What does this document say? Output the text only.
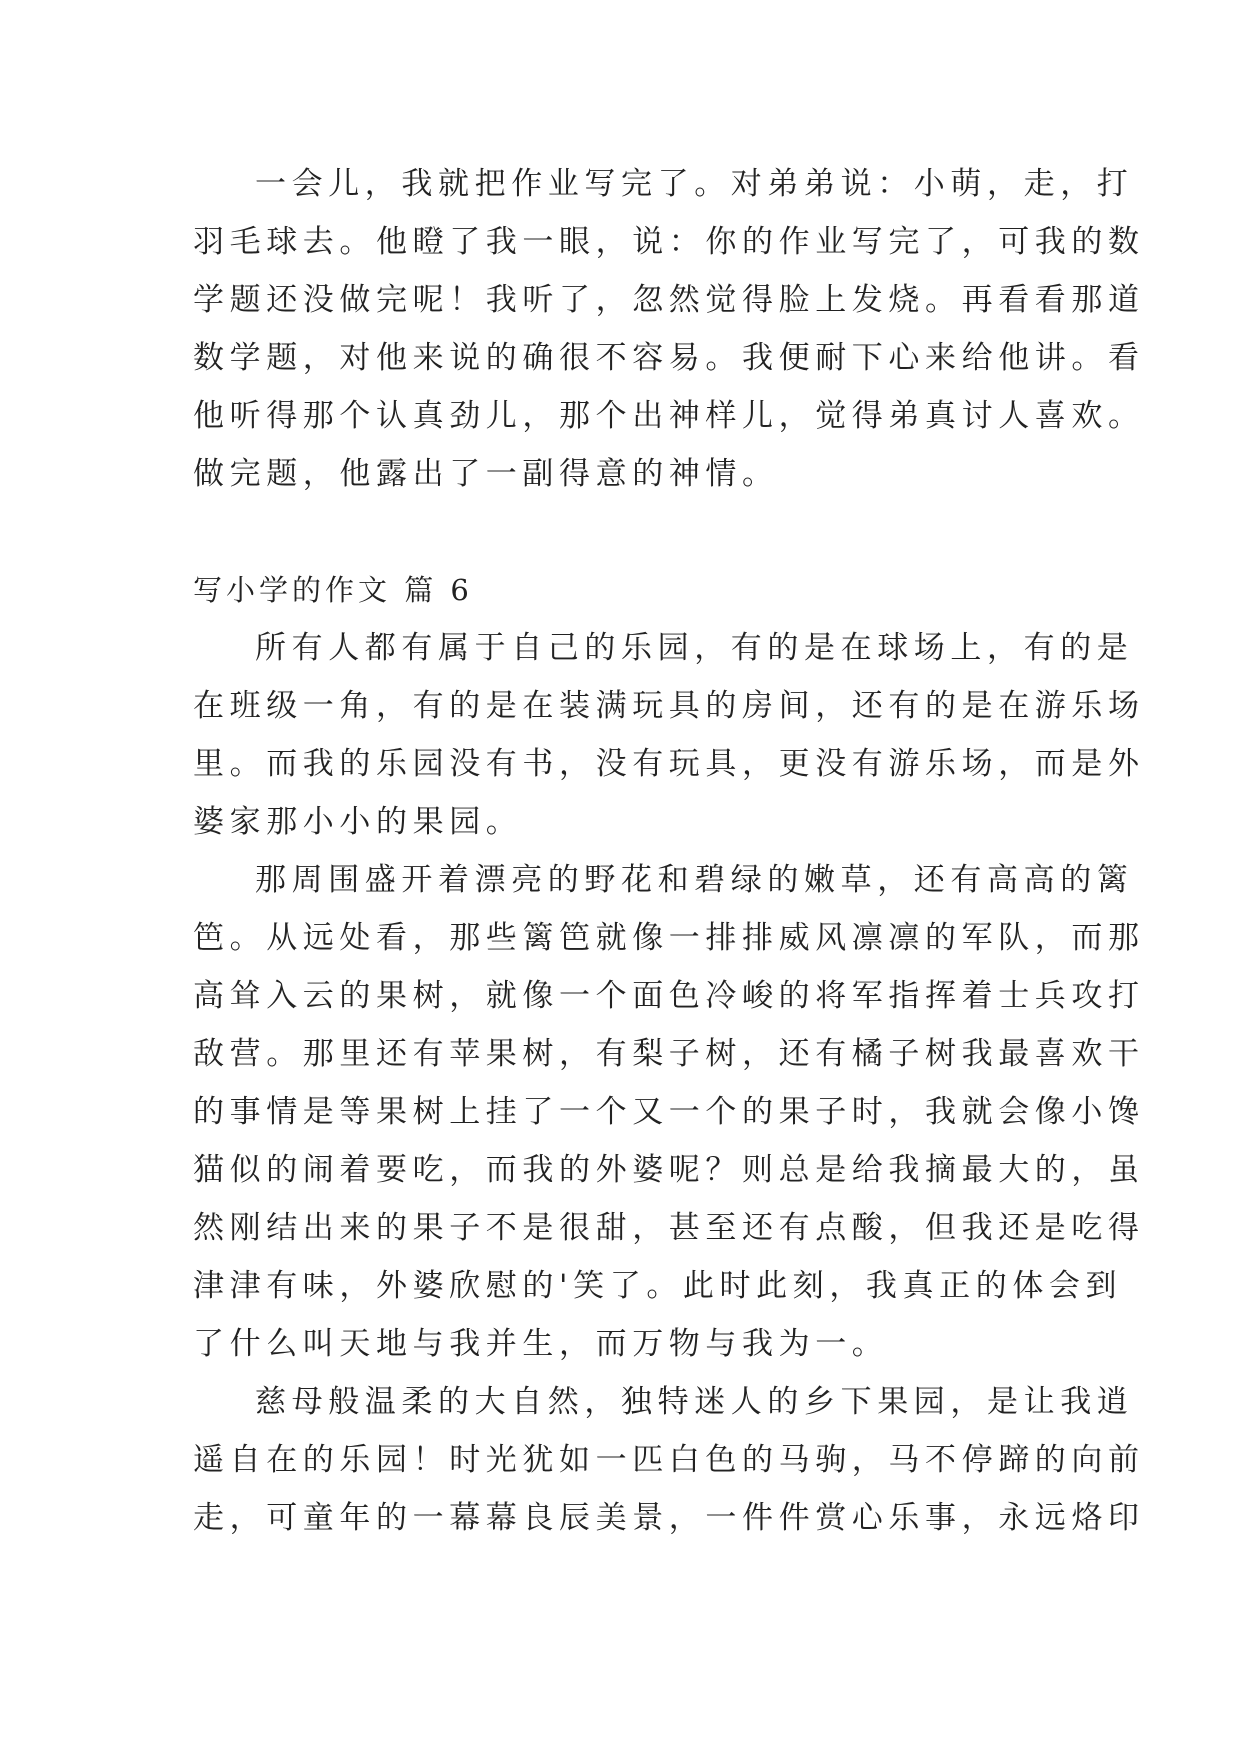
一会儿，我就把作业写完了。对弟弟说：小萌，走，打
羽毛球去。他瞪了我一眼，说：你的作业写完了，可我的数
学题还没做完呢！我听了，忽然觉得脸上发烧。再看看那道
数学题，对他来说的确很不容易。我便耐下心来给他讲。看
他听得那个认真劲儿，那个出神样儿，觉得弟真讨人喜欢。
做完题，他露出了一副得意的神情。
写小学的作文 篇 6
所有人都有属于自己的乐园，有的是在球场上，有的是
在班级一角，有的是在装满玩具的房间，还有的是在游乐场
里。而我的乐园没有书，没有玩具，更没有游乐场，而是外
婆家那小小的果园。
那周围盛开着漂亮的野花和碧绿的嫩草，还有高高的篱
笆。从远处看，那些篱笆就像一排排威风凛凛的军队，而那
高耸入云的果树，就像一个面色冷峻的将军指挥着士兵攻打
敌营。那里还有苹果树，有梨子树，还有橘子树我最喜欢干
的事情是等果树上挂了一个又一个的果子时，我就会像小馋
猫似的闹着要吃，而我的外婆呢？则总是给我摘最大的，虽
然刚结出来的果子不是很甜，甚至还有点酸，但我还是吃得
津津有味，外婆欣慰的'笑了。此时此刻，我真正的体会到
了什么叫天地与我并生，而万物与我为一。
慈母般温柔的大自然，独特迷人的乡下果园，是让我逍
遥自在的乐园！时光犹如一匹白色的马驹，马不停蹄的向前
走，可童年的一幕幕良辰美景，一件件赏心乐事，永远烙印
